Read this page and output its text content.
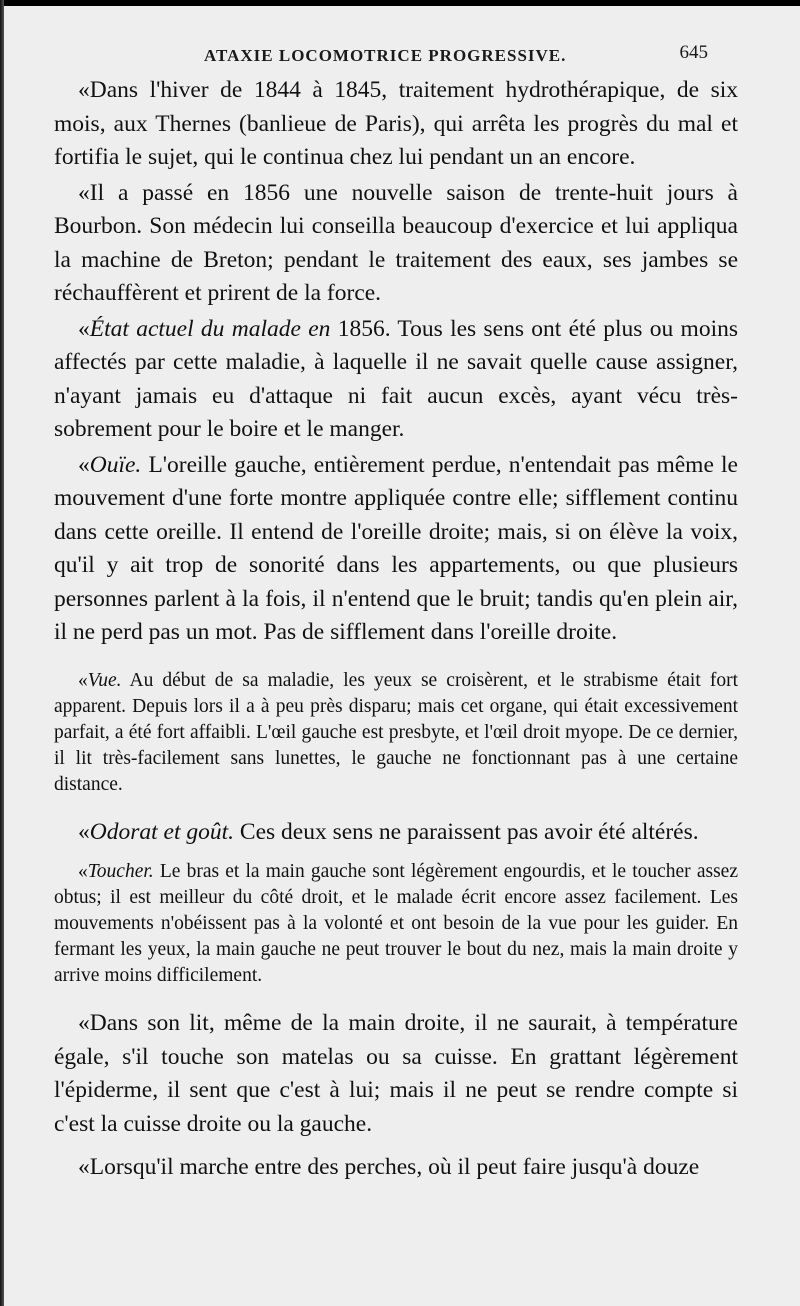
ATAXIE LOCOMOTRICE PROGRESSIVE.	645

«Dans l'hiver de 1844 à 1845, traitement hydrothérapique, de six mois, aux Thernes (banlieue de Paris), qui arrêta les progrès du mal et fortifia le sujet, qui le continua chez lui pendant un an encore.

«Il a passé en 1856 une nouvelle saison de trente-huit jours à Bourbon. Son médecin lui conseilla beaucoup d'exercice et lui appliqua la machine de Breton; pendant le traitement des eaux, ses jambes se réchauffèrent et prirent de la force.

«État actuel du malade en 1856. Tous les sens ont été plus ou moins affectés par cette maladie, à laquelle il ne savait quelle cause assigner, n'ayant jamais eu d'attaque ni fait aucun excès, ayant vécu très-sobrement pour le boire et le manger.

«Ouïe. L'oreille gauche, entièrement perdue, n'entendait pas même le mouvement d'une forte montre appliquée contre elle; sifflement continu dans cette oreille. Il entend de l'oreille droite; mais, si on élève la voix, qu'il y ait trop de sonorité dans les appartements, ou que plusieurs personnes parlent à la fois, il n'entend que le bruit; tandis qu'en plein air, il ne perd pas un mot. Pas de sifflement dans l'oreille droite.

«Vue. Au début de sa maladie, les yeux se croisèrent, et le strabisme était fort apparent. Depuis lors il a à peu près disparu; mais cet organe, qui était excessivement parfait, a été fort affaibli. L'œil gauche est presbyte, et l'œil droit myope. De ce dernier, il lit très-facilement sans lunettes, le gauche ne fonctionnant pas à une certaine distance.

«Odorat et goût. Ces deux sens ne paraissent pas avoir été altérés.

«Toucher. Le bras et la main gauche sont légèrement engourdis, et le toucher assez obtus; il est meilleur du côté droit, et le malade écrit encore assez facilement. Les mouvements n'obéissent pas à la volonté et ont besoin de la vue pour les guider. En fermant les yeux, la main gauche ne peut trouver le bout du nez, mais la main droite y arrive moins difficilement.

«Dans son lit, même de la main droite, il ne saurait, à température égale, s'il touche son matelas ou sa cuisse. En grattant légèrement l'épiderme, il sent que c'est à lui; mais il ne peut se rendre compte si c'est la cuisse droite ou la gauche.

«Lorsqu'il marche entre des perches, où il peut faire jusqu'à douze
